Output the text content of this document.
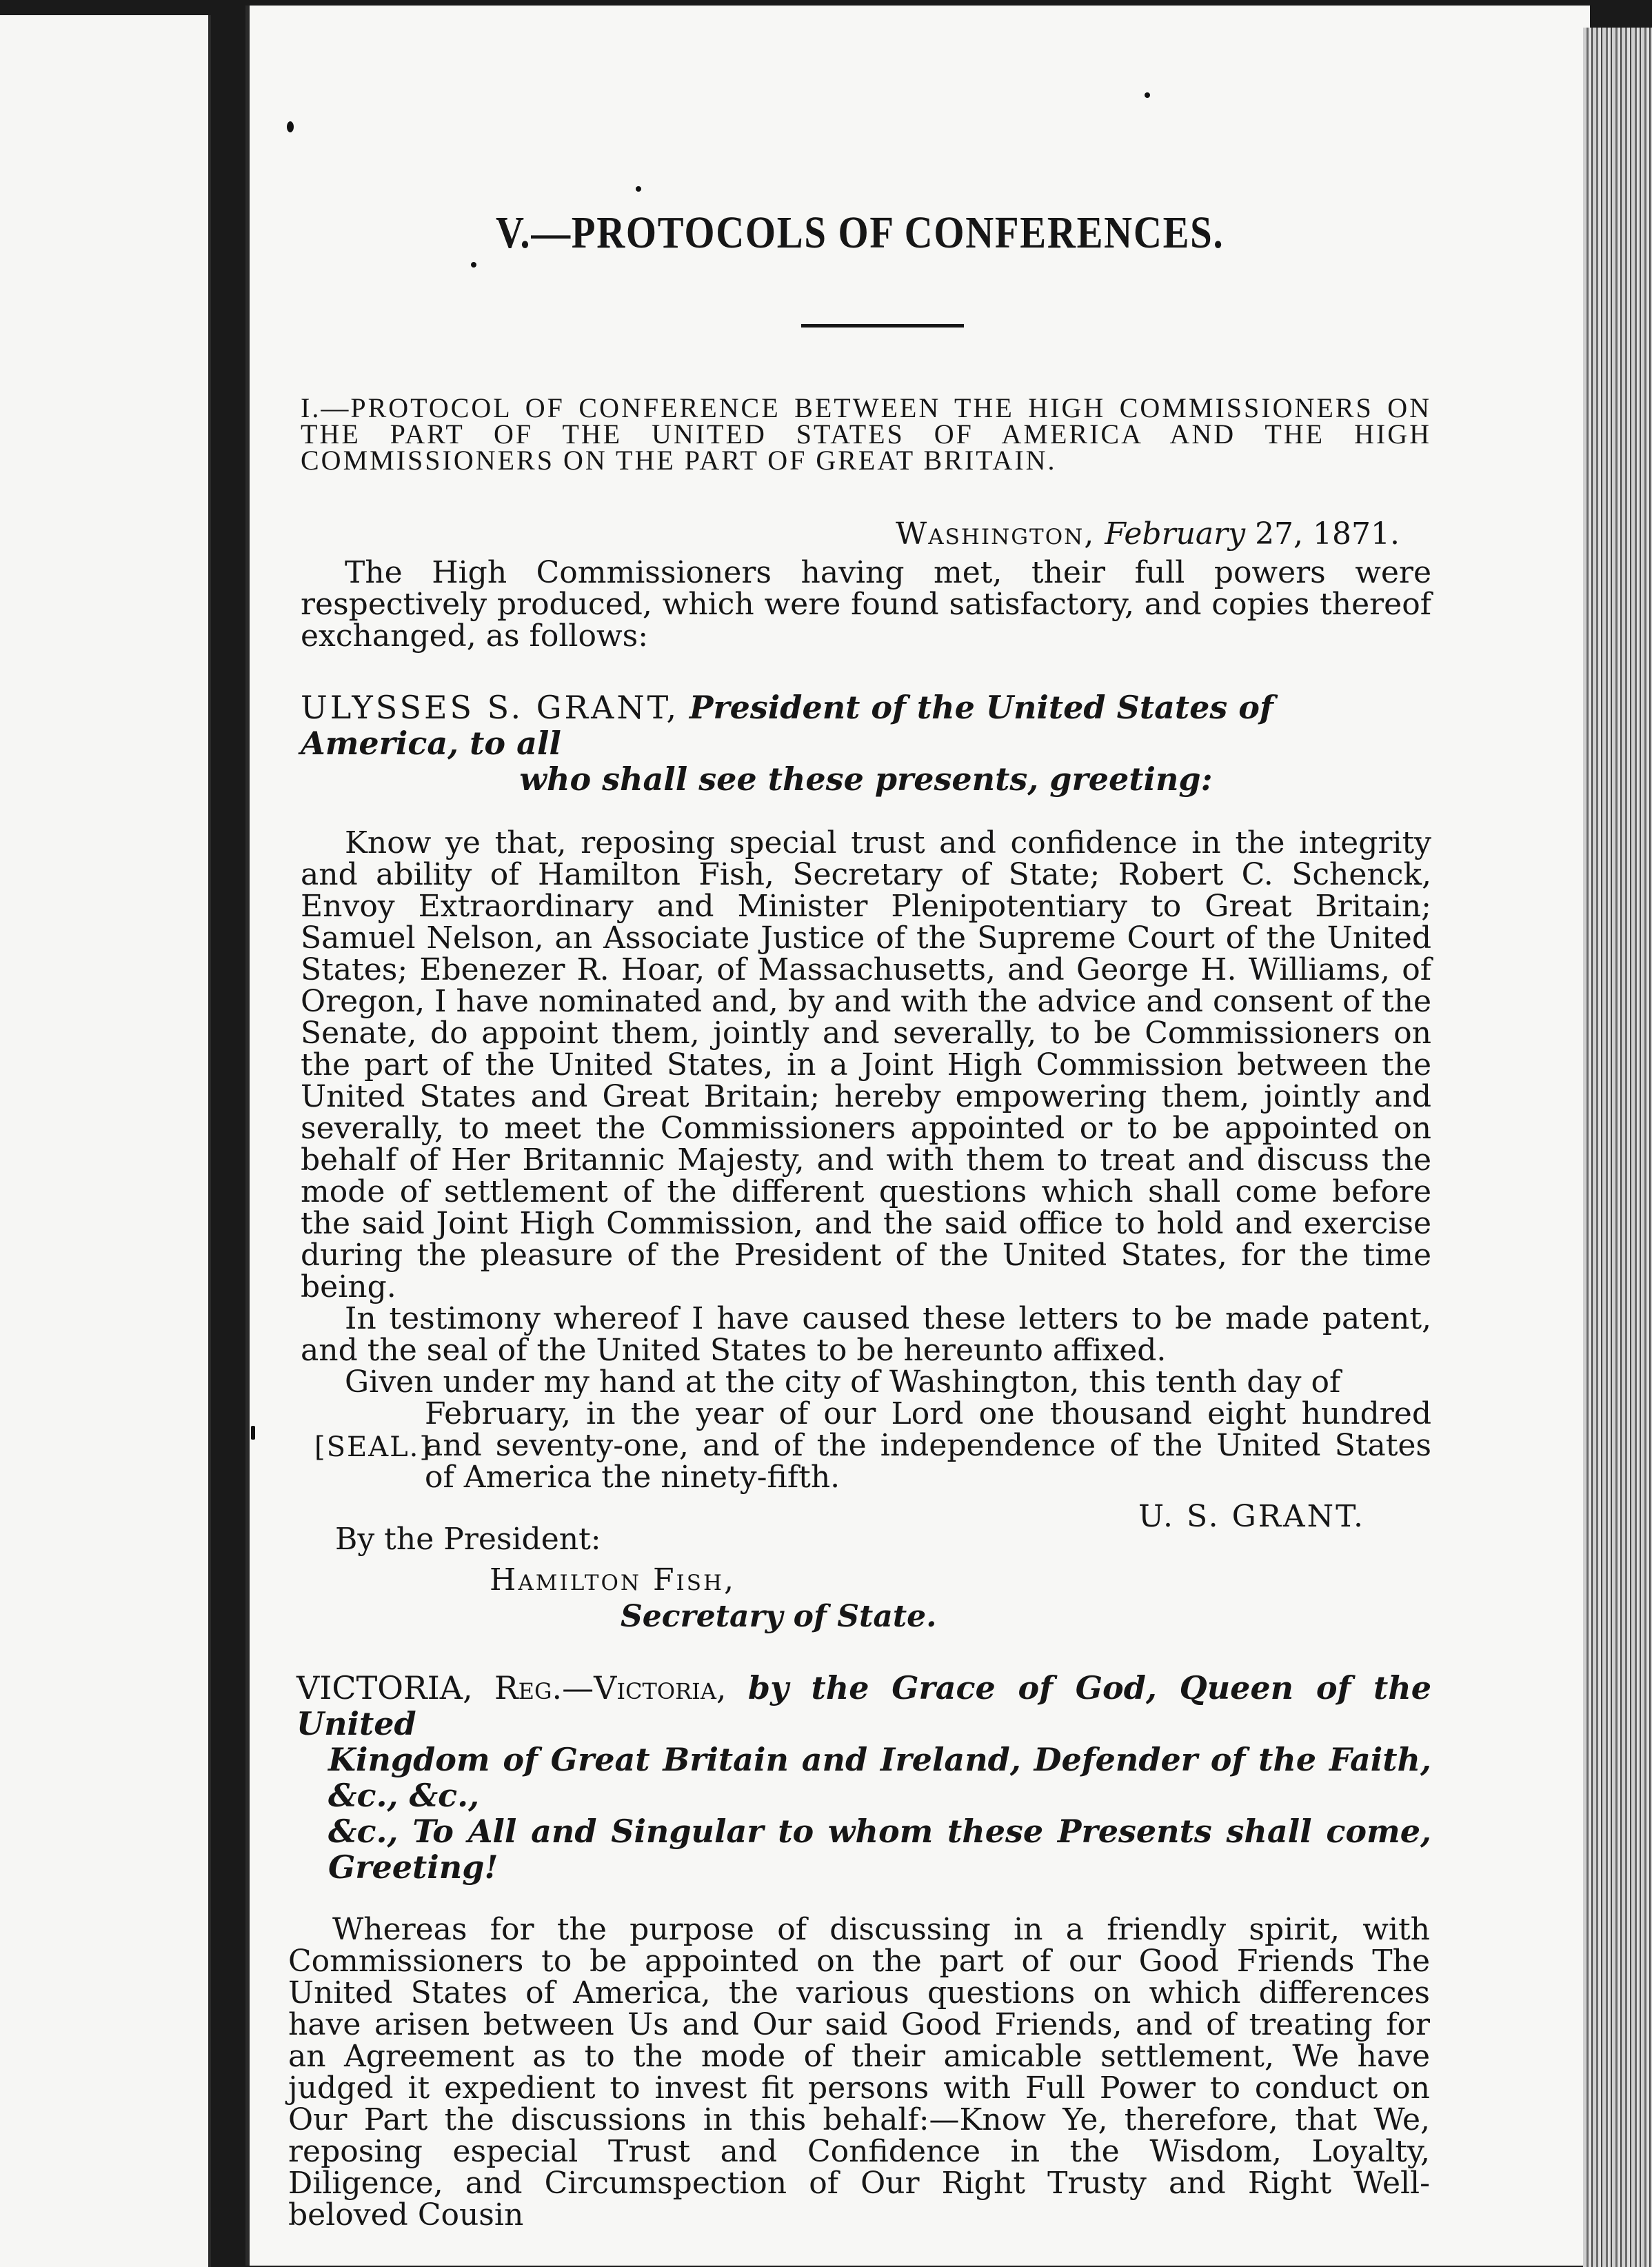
V.—PROTOCOLS OF CONFERENCES.
I.—PROTOCOL OF CONFERENCE BETWEEN THE HIGH COMMISSIONERS ON THE PART OF THE UNITED STATES OF AMERICA AND THE HIGH COMMISSIONERS ON THE PART OF GREAT BRITAIN.
Washington, February 27, 1871.

The High Commissioners having met, their full powers were respectively produced, which were found satisfactory, and copies thereof exchanged, as follows:

ULYSSES S. GRANT, President of the United States of America, to all
who shall see these presents, greeting:

Know ye that, reposing special trust and confidence in the integrity and ability of Hamilton Fish, Secretary of State; Robert C. Schenck, Envoy Extraordinary and Minister Plenipotentiary to Great Britain; Samuel Nelson, an Associate Justice of the Supreme Court of the United States; Ebenezer R. Hoar, of Massachusetts, and George H. Williams, of Oregon, I have nominated and, by and with the advice and consent of the Senate, do appoint them, jointly and severally, to be Commissioners on the part of the United States, in a Joint High Commission between the United States and Great Britain; hereby empowering them, jointly and severally, to meet the Commissioners appointed or to be appointed on behalf of Her Britannic Majesty, and with them to treat and discuss the mode of settlement of the different questions which shall come before the said Joint High Commission, and the said office to hold and exercise during the pleasure of the President of the United States, for the time being.

In testimony whereof I have caused these letters to be made patent, and the seal of the United States to be hereunto affixed.

Given under my hand at the city of Washington, this tenth day of

[SEAL.]
February, in the year of our Lord one thousand eight hundred and seventy-one, and of the independence of the United States of America the ninety-fifth.
U. S. GRANT.
By the President:
Hamilton Fish,
Secretary of State.
VICTORIA, Reg.—Victoria, by the Grace of God, Queen of the United
Kingdom of Great Britain and Ireland, Defender of the Faith, &c., &c.,
&c., To All and Singular to whom these Presents shall come, Greeting!

Whereas for the purpose of discussing in a friendly spirit, with Commissioners to be appointed on the part of our Good Friends The United States of America, the various questions on which differences have arisen between Us and Our said Good Friends, and of treating for an Agreement as to the mode of their amicable settlement, We have judged it expedient to invest fit persons with Full Power to conduct on Our Part the discussions in this behalf:—Know Ye, therefore, that We, reposing especial Trust and Confidence in the Wisdom, Loyalty, Diligence, and Circumspection of Our Right Trusty and Right Well-beloved Cousin
